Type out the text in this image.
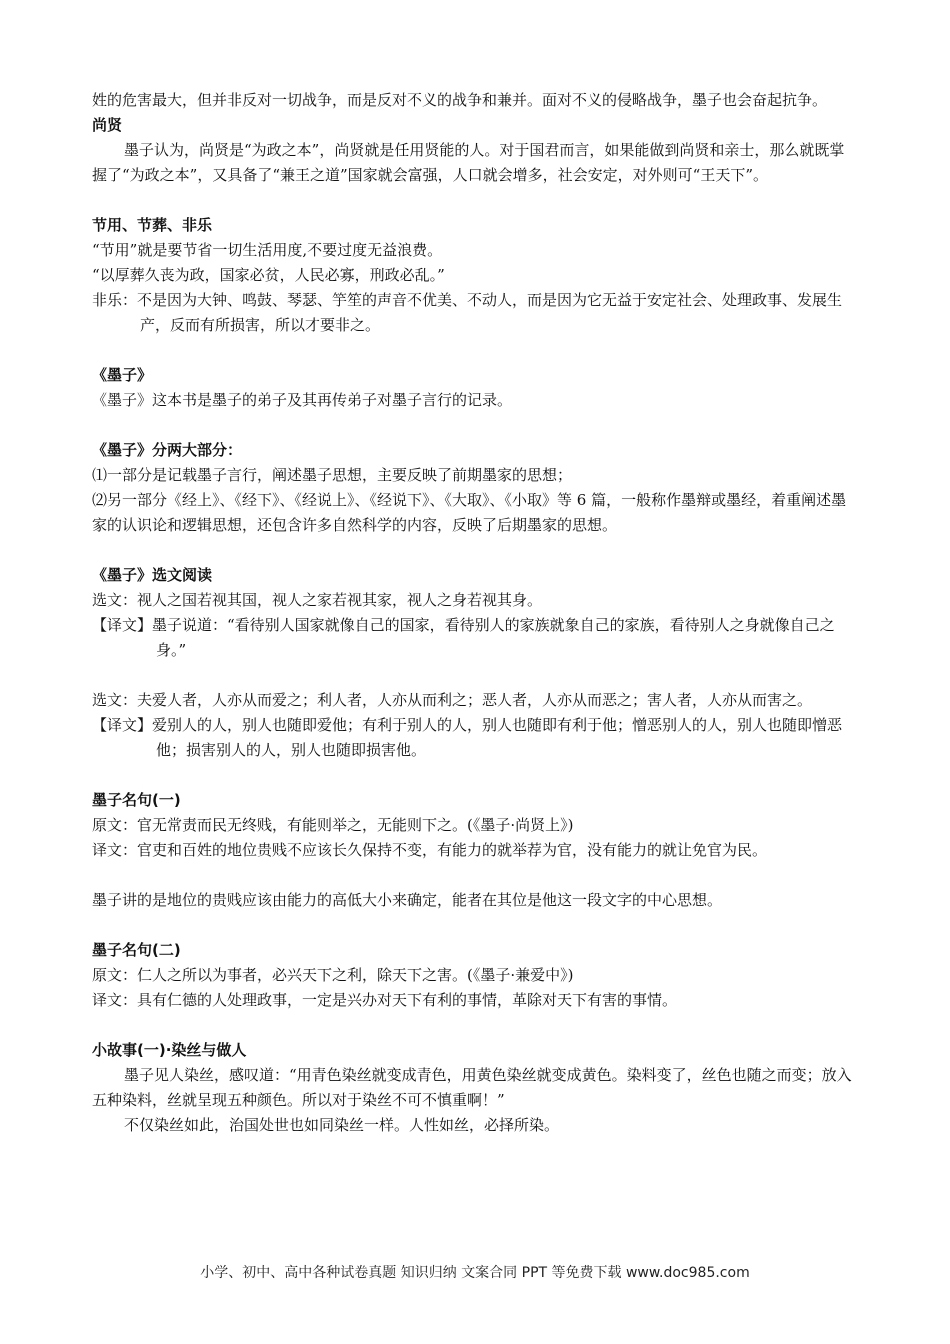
姓的危害最大，但并非反对一切战争，而是反对不义的战争和兼并。面对不义的侵略战争，墨子也会奋起抗争。

尚贤

墨子认为，尚贤是“为政之本”，尚贤就是任用贤能的人。对于国君而言，如果能做到尚贤和亲士，那么就既掌握了“为政之本”，又具备了“兼王之道”国家就会富强，人口就会增多，社会安定，对外则可“王天下”。

节用、节葬、非乐

“节用”就是要节省一切生活用度,不要过度无益浪费。

“以厚葬久丧为政，国家必贫，人民必寡，刑政必乱。”

非乐：不是因为大钟、鸣鼓、琴瑟、竽笙的声音不优美、不动人，而是因为它无益于安定社会、处理政事、发展生产，反而有所损害，所以才要非之。

《墨子》

《墨子》这本书是墨子的弟子及其再传弟子对墨子言行的记录。

《墨子》分两大部分：

⑴一部分是记载墨子言行，阐述墨子思想，主要反映了前期墨家的思想；

⑵另一部分《经上》、《经下》、《经说上》、《经说下》、《大取》、《小取》等 6 篇，一般称作墨辩或墨经，着重阐述墨家的认识论和逻辑思想，还包含许多自然科学的内容，反映了后期墨家的思想。

《墨子》选文阅读

选文：视人之国若视其国，视人之家若视其家，视人之身若视其身。

【译文】墨子说道：“看待别人国家就像自己的国家，看待别人的家族就象自己的家族，看待别人之身就像自己之身。”

选文：夫爱人者，人亦从而爱之；利人者，人亦从而利之；恶人者，人亦从而恶之；害人者，人亦从而害之。

【译文】爱别人的人，别人也随即爱他；有利于别人的人，别人也随即有利于他；憎恶别人的人，别人也随即憎恶他；损害别人的人，别人也随即损害他。

墨子名句(一)

原文：官无常责而民无终贱，有能则举之，无能则下之。(《墨子·尚贤上》)

译文：官吏和百姓的地位贵贱不应该长久保持不变，有能力的就举荐为官，没有能力的就让免官为民。

墨子讲的是地位的贵贱应该由能力的高低大小来确定，能者在其位是他这一段文字的中心思想。

墨子名句(二)

原文：仁人之所以为事者，必兴天下之利，除天下之害。(《墨子·兼爱中》)

译文：具有仁德的人处理政事，一定是兴办对天下有利的事情，革除对天下有害的事情。

小故事(一)·染丝与做人

墨子见人染丝，感叹道：“用青色染丝就变成青色，用黄色染丝就变成黄色。染料变了，丝色也随之而变；放入五种染料，丝就呈现五种颜色。所以对于染丝不可不慎重啊！”

不仅染丝如此，治国处世也如同染丝一样。人性如丝，必择所染。

小学、初中、高中各种试卷真题 知识归纳 文案合同 PPT 等免费下载 www.doc985.com
